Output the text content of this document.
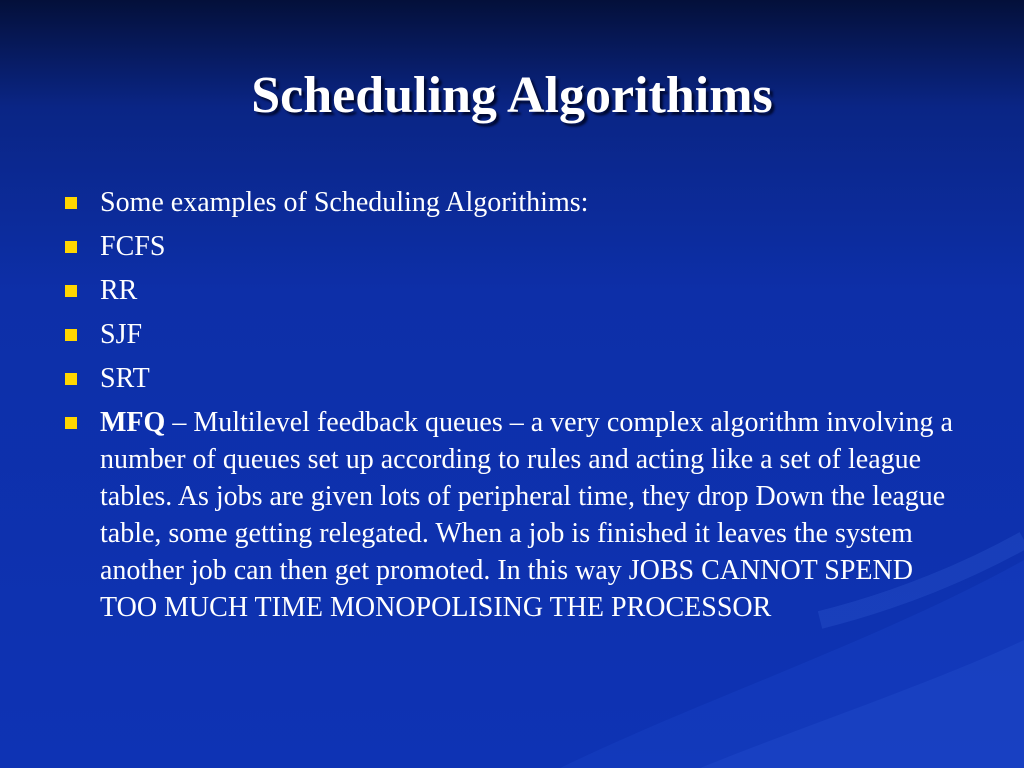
Scheduling Algorithims
Some examples of Scheduling Algorithims:
FCFS
RR
SJF
SRT
MFQ – Multilevel feedback queues – a very complex algorithm involving a number of queues set up according to rules and acting like a set of league tables. As jobs are given lots of peripheral time, they drop Down the league table, some getting relegated. When a job is finished it leaves the system another job can then get promoted. In this way JOBS CANNOT SPEND TOO MUCH TIME MONOPOLISING THE PROCESSOR
